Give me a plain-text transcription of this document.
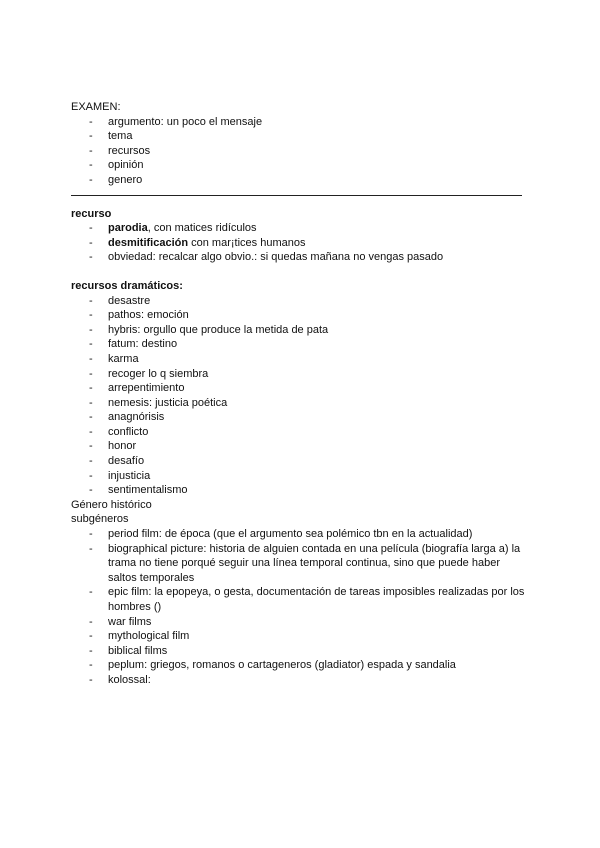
EXAMEN:
- argumento: un poco el mensaje
- tema
- recursos
- opinión
- genero
recurso
- parodia, con matices ridículos
- desmitificación con mar¡tices humanos
- obviedad: recalcar algo obvio.: si quedas mañana no vengas pasado
recursos dramáticos:
- desastre
- pathos: emoción
- hybris: orgullo que produce la metida de pata
- fatum: destino
- karma
- recoger lo q siembra
- arrepentimiento
- nemesis: justicia poética
- anagnórisis
- conflicto
- honor
- desafío
- injusticia
- sentimentalismo
Género histórico
subgéneros
- period film: de época (que el argumento sea polémico tbn en la actualidad)
- biographical picture: historia de alguien contada en una película (biografía larga a) la trama no tiene porqué seguir una línea temporal continua, sino que puede haber saltos temporales
- epic film: la epopeya, o gesta, documentación de tareas imposibles realizadas por los hombres ()
- war films
- mythological film
- biblical films
- peplum: griegos, romanos o cartageneros (gladiator) espada y sandalia
- kolossal:
